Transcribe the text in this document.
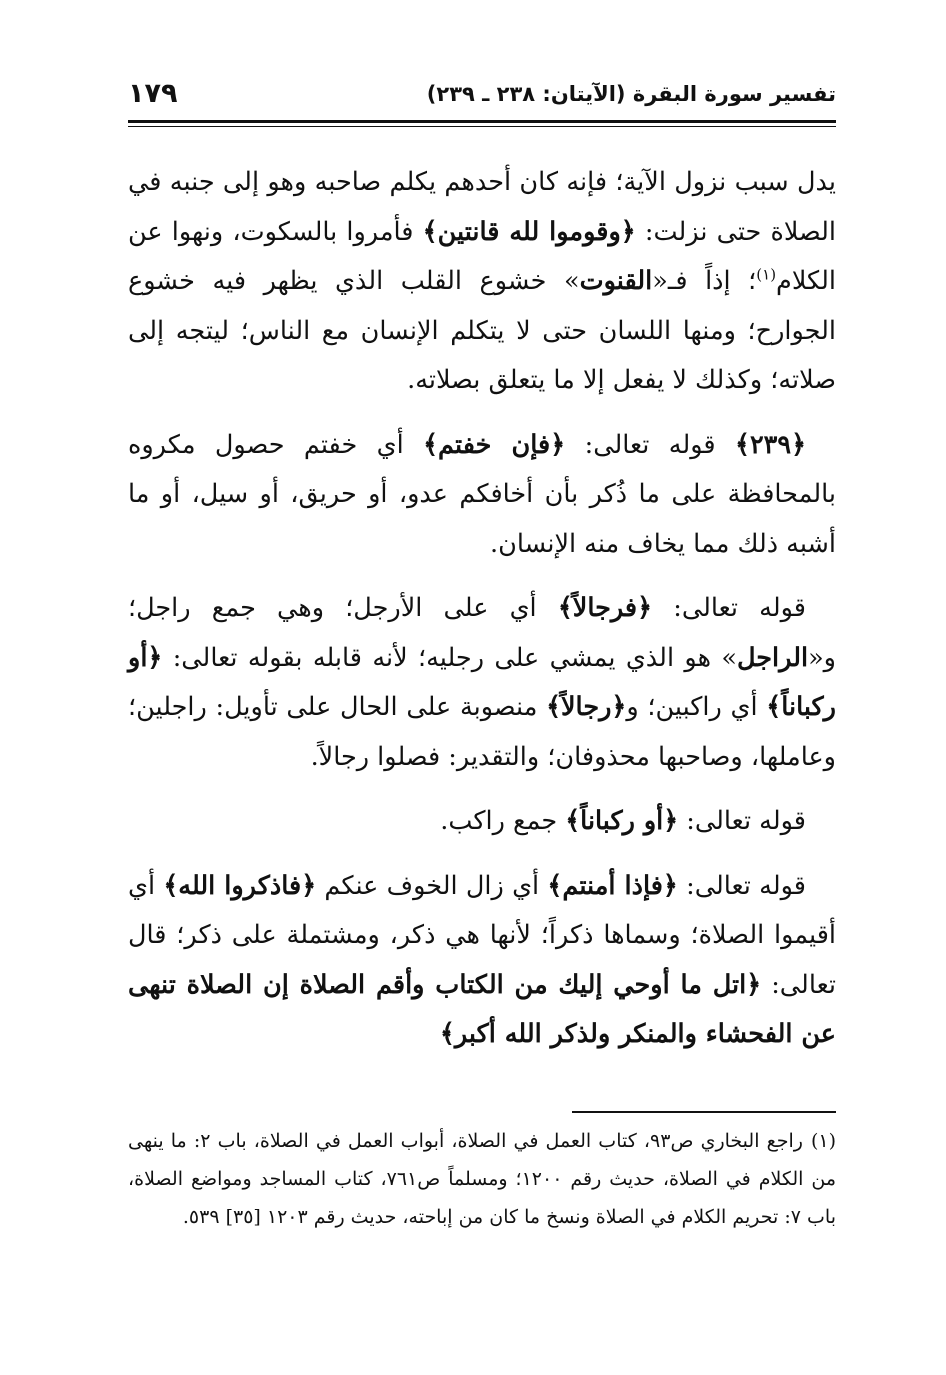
تفسير سورة البقرة (الآيتان: ٢٣٨ ـ ٢٣٩)
١٧٩

يدل سبب نزول الآية؛ فإنه كان أحدهم يكلم صاحبه وهو إلى جنبه في الصلاة حتى نزلت: ﴿وقوموا لله قانتين﴾ فأمروا بالسكوت، ونهوا عن الكلام$^{(١)}$؛ إذاً فـ«القنوت» خشوع القلب الذي يظهر فيه خشوع الجوارح؛ ومنها اللسان حتى لا يتكلم الإنسان مع الناس؛ ليتجه إلى صلاته؛ وكذلك لا يفعل إلا ما يتعلق بصلاته.

﴿٢٣٩﴾ قوله تعالى: ﴿فإن خفتم﴾ أي خفتم حصول مكروه بالمحافظة على ما ذُكر بأن أخافكم عدو، أو حريق، أو سيل، أو ما أشبه ذلك مما يخاف منه الإنسان.

قوله تعالى: ﴿فرجالاً﴾ أي على الأرجل؛ وهي جمع راجل؛ و«الراجل» هو الذي يمشي على رجليه؛ لأنه قابله بقوله تعالى: ﴿أو ركباناً﴾ أي راكبين؛ و﴿رجالاً﴾ منصوبة على الحال على تأويل: راجلين؛ وعاملها، وصاحبها محذوفان؛ والتقدير: فصلوا رجالاً.

قوله تعالى: ﴿أو ركباناً﴾ جمع راكب.

قوله تعالى: ﴿فإذا أمنتم﴾ أي زال الخوف عنكم ﴿فاذكروا الله﴾ أي أقيموا الصلاة؛ وسماها ذكراً؛ لأنها هي ذكر، ومشتملة على ذكر؛ قال تعالى: ﴿اتل ما أوحي إليك من الكتاب وأقم الصلاة إن الصلاة تنهى عن الفحشاء والمنكر ولذكر الله أكبر﴾

(١)راجع البخاري ص٩٣، كتاب العمل في الصلاة، أبواب العمل في الصلاة، باب ٢: ما ينهى من الكلام في الصلاة، حديث رقم ١٢٠٠؛ ومسلماً ص٧٦١، كتاب المساجد ومواضع الصلاة، باب ٧: تحريم الكلام في الصلاة ونسخ ما كان من إباحته، حديث رقم ١٢٠٣ [٣٥] ٥٣٩.
